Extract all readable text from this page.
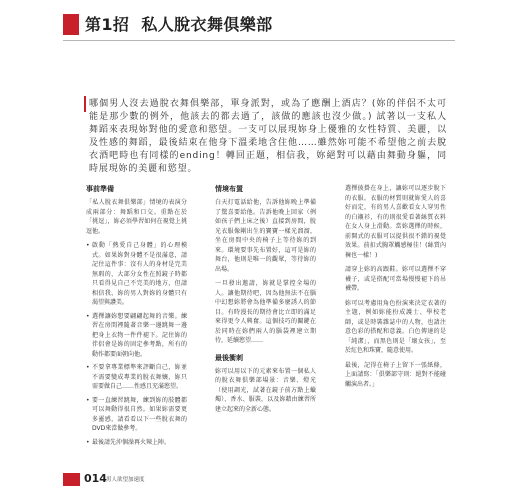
第1招 私人脫衣舞俱樂部

哪個男人沒去過脫衣舞俱樂部，單身派對，或為了應酬上酒店？(妳的伴侶不太可能是那少數的例外，他該去的都去過了，該做的應該也沒少做。) 試著以一支私人舞蹈來表現妳對他的愛意和慾望。一支可以展現妳身上優雅的女性特質、美麗，以及性感的舞蹈，最後結束在他身下溫柔地含住他……雖然妳可能不希望他之前去脫衣酒吧時也有同樣的ending！轉回正題，相信我，妳絕對可以藉由舞動身軀，同時展現妳的美麗和慾望。

事前準備

「私人脫衣舞俱樂部」情境的表演分成兩部分：舞蹈和口交。重點在於「挑逗」，妳必須學習如何在視覺上挑逗他。

• 啟動「熱愛自己身體」的心理模式。如果妳對身體不是很滿意，請記住這件事：沒有人的身材是完美無瑕的，大部分女性在照鏡子時都只看得見自己不完美的地方，但請相信我，妳的男人對妳的身體只有渴望與讚美。
• 選擇讓妳想要翩翩起舞的音樂。練習在房間裡隨著音樂一邊跳舞一邊把身上衣物一件件褪下。記住妳的伴侶會是妳的固定參考點，所有的動作都要面朝向他。
• 不要拿專業標準來評斷自己，妳並不需要變成專業的脫衣舞孃，妳只需要做自己……性感且充滿慾望。
• 要一直練習跳舞，練到妳的肢體都可以舞動得很自然。如果妳需要更多靈感，請看看以下一些脫衣舞的DVD來當做參考。
• 最後請先沖個澡再火辣上陣。
情境布置

白天打電話給他，告訴他妳晚上準備了驚喜要給他。告訴他晚上回家（例如孩子們上床之後）直接到房間，脫光衣服像剛出生的寶寶一樣光溜溜，坐在房間中央的椅子上等待妳的到來。環境要事先布置好，這可是妳的舞台，他則是唯一的觀眾，等待妳的出場。

一旦發出邀請，妳就是掌控全場的人。讓他期待吧，因為他無法不在腦中幻想妳將會為他準備多麼誘人的節目。有時漫長的期待會比立即的滿足來得更令人興奮。這個技巧的關鍵在於同時在妳們兩人的腦袋裡建立期待，延續慾望……

最後衝刺

妳可以用以下的元素來布置一個私人的脫衣舞俱樂部場景：音樂、燈光（使用調光，試著在鏡子前方點上蠟燭）、香水、服裝，以及妳藉由練習所建立起來的全新心態。

選擇披掛在身上，讓妳可以逐步脫下的衣服。衣服的材質則就妳愛人的喜好而定，有的男人喜歡看女人穿男性的白襯衫，有的則很愛看著絲質衣料在女人身上滑動。當妳選擇的時候，前開式的衣服可以提供很不錯的視覺效果。前扣式胸罩觸感極佳！(絲質內褲也一樣！)

請穿上妳的高跟鞋。妳可以選擇不穿襪子，或是搭配可當場慢慢褪下的吊襪帶。

妳可以考慮用角色扮演來決定衣著的主題，例如妳能扮成護士、學校老師，或是時裝雜誌中的人物，也請注意色彩的搭配和意義。白色傳達的是「純潔」，而黑色則是「壞女孩」，至於紅色和珠寶，隨意使用。

最後，記得在椅子上留下一張紙條，上面請寫：「俱樂部守則：絕對不能碰觸演出者。」

014 男人欲望加速度
